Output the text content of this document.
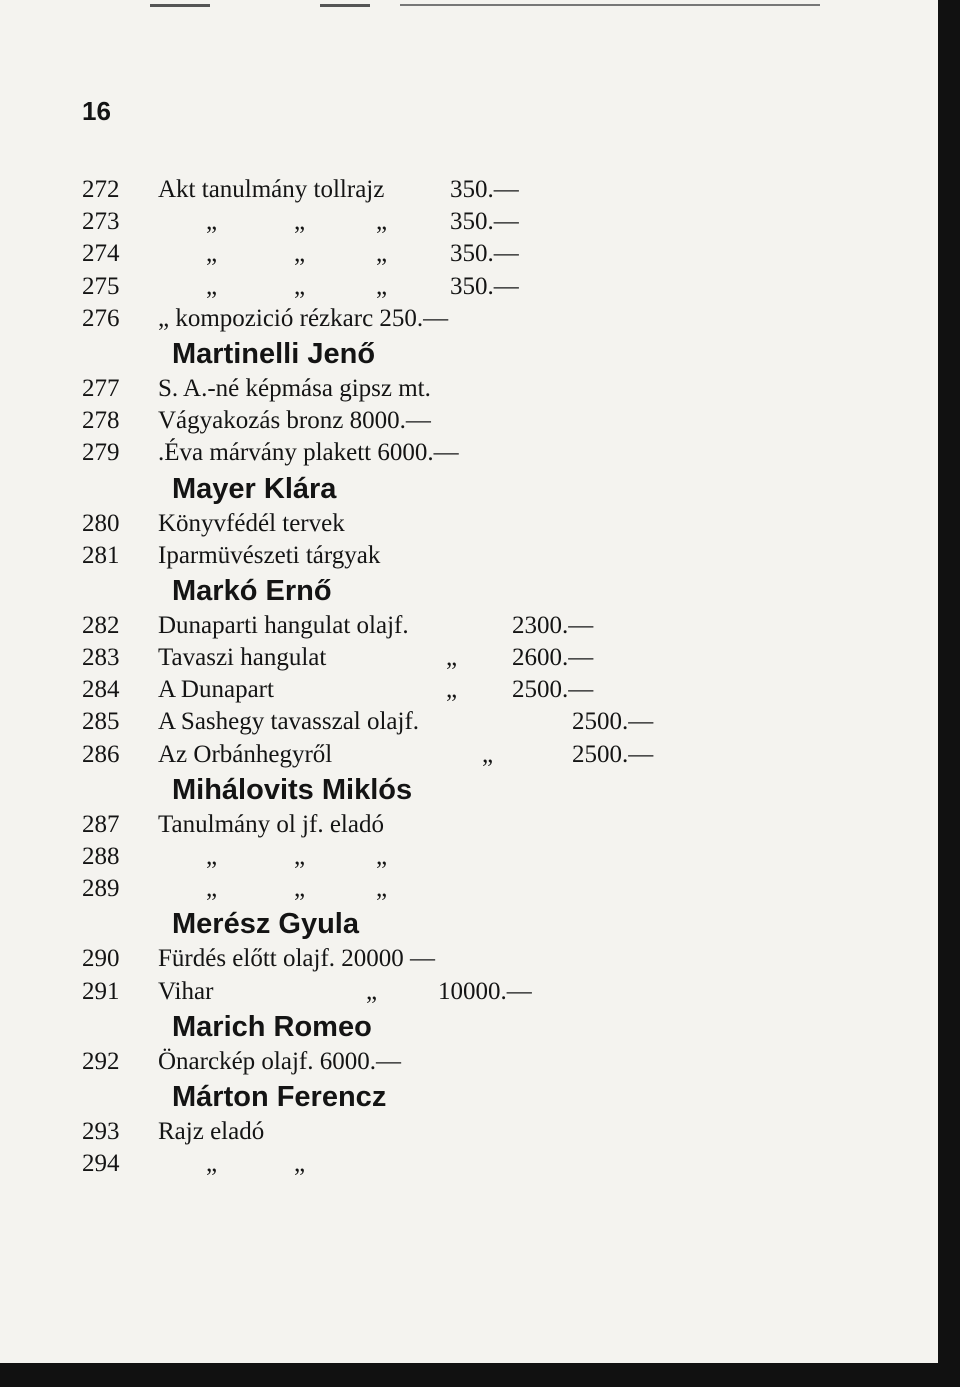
16
272 Akt tanulmány tollrajz	350.—
273	„	„	„	350.—
274	„	„	„	350.—
275	„	„	„	350.—
276 „ kompozició rézkarc 250.—
Martinelli Jenő
277 S. A.-né képmása gipsz mt.
278 Vágyakozás bronz 8000.—
279 .Éva márvány plakett 6000.—
Mayer Klára
280 Könyvfédél tervek
281 Iparmüvészeti tárgyak
Markó Ernő
282 Dunaparti hangulat olajf.	2300.—
283 Tavaszi hangulat	„ 2600.—
284 A Dunapart	„ 2500.—
285 A Sashegy tavasszal olajf.	2500.—
286 Az Orbánhegyről	„	2500.—
Mihálovits Miklós
287 Tanulmány ol jf. eladó
288	„	„	„
289	„	„	„
Merész Gyula
290 Fürdés előtt olajf. 20000 —
291 Vihar	„ 10000.—
Marich Romeo
292 Önarckép olajf. 6000.—
Márton Ferencz
293 Rajz eladó
294	„	„
